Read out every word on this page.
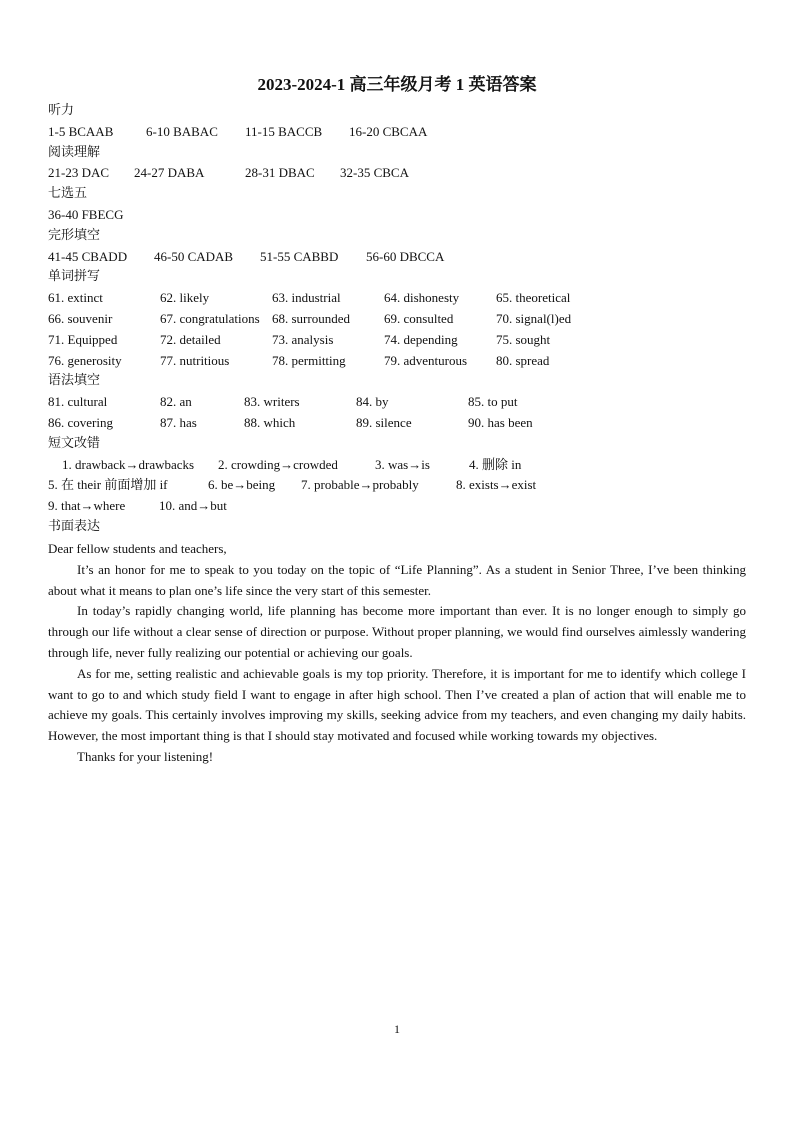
2023-2024-1 高三年级月考 1 英语答案
听力
1-5 BCAAB	6-10 BABAC 11-15 BACCB 16-20 CBCAA
阅读理解
21-23 DAC 24-27 DABA	28-31 DBAC 32-35 CBCA
七选五
36-40 FBECG
完形填空
41-45 CBADD 46-50 CADAB 51-55 CABBD 56-60 DBCCA
单词拼写
61. extinct	62. likely	63. industrial	64. dishonesty	65. theoretical
66. souvenir	67. congratulations 68. surrounded	69. consulted	70. signal(l)ed
71. Equipped	72. detailed	73. analysis	74. depending	75. sought
76. generosity	77. nutritious	78. permitting	79. adventurous 80. spread
语法填空
81. cultural	82. an	83. writers	84. by	85. to put
86. covering	87. has	88. which	89. silence	90. has been
短文改错
1. drawback→drawbacks 2. crowding→crowded	3. was→is	4. 删除 in
5. 在 their 前面增加 if	6. be→being 7. probable→probably	8. exists→exist
9. that→where	10. and→but
书面表达

Dear fellow students and teachers,

It’s an honor for me to speak to you today on the topic of “Life Planning”. As a student in Senior Three, I’ve been thinking about what it means to plan one’s life since the very start of this semester.

In today’s rapidly changing world, life planning has become more important than ever. It is no longer enough to simply go through our life without a clear sense of direction or purpose. Without proper planning, we would find ourselves aimlessly wandering through life, never fully realizing our potential or achieving our goals.

As for me, setting realistic and achievable goals is my top priority. Therefore, it is important for me to identify which college I want to go to and which study field I want to engage in after high school. Then I’ve created a plan of action that will enable me to achieve my goals. This certainly involves improving my skills, seeking advice from my teachers, and even changing my daily habits. However, the most important thing is that I should stay motivated and focused while working towards my objectives.

Thanks for your listening!

1
